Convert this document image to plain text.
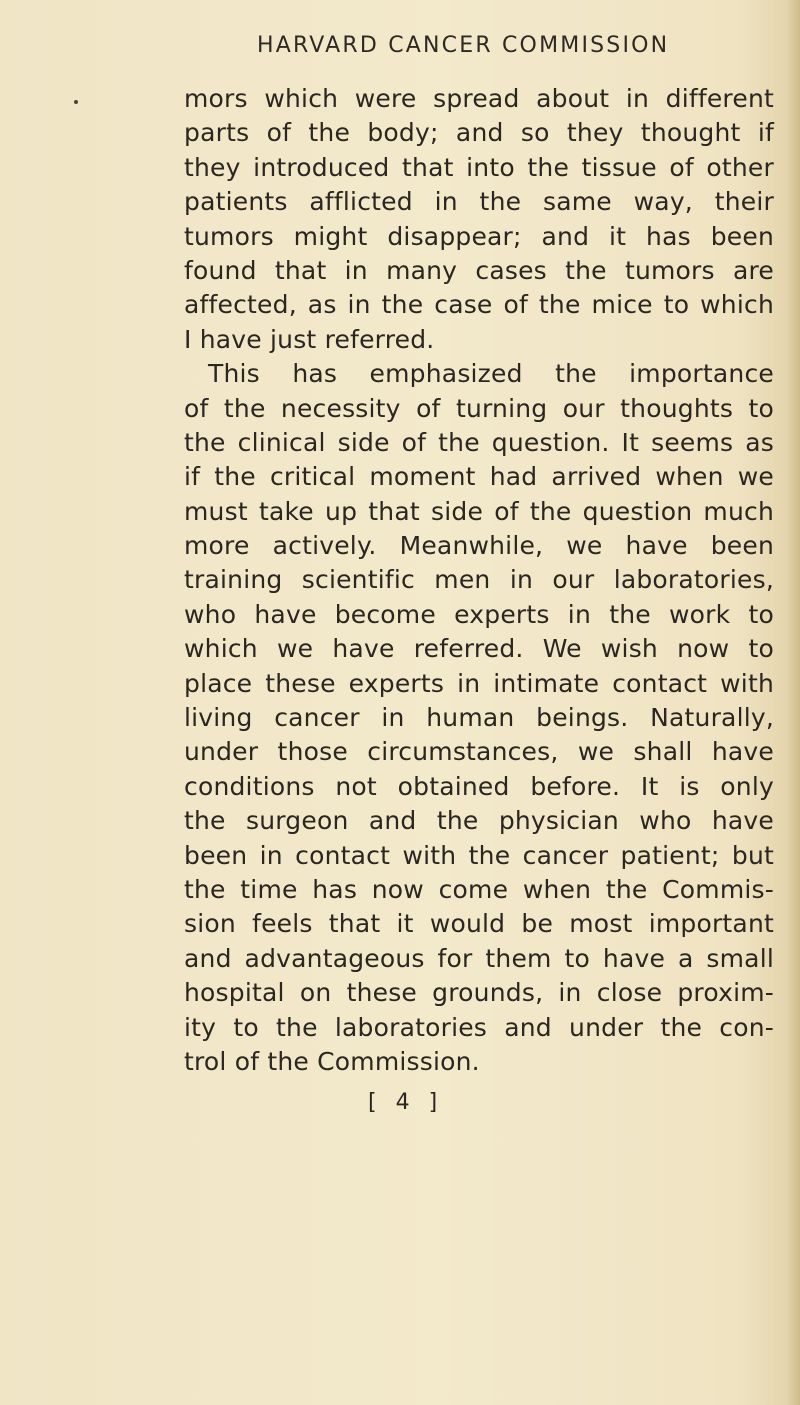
HARVARD CANCER COMMISSION
mors which were spread about in different
parts of the body; and so they thought if
they introduced that into the tissue of other
patients afflicted in the same way, their
tumors might disappear; and it has been
found that in many cases the tumors are
affected, as in the case of the mice to which
I have just referred.
This has emphasized the importance
of the necessity of turning our thoughts to
the clinical side of the question. It seems as
if the critical moment had arrived when we
must take up that side of the question much
more actively. Meanwhile, we have been
training scientific men in our laboratories,
who have become experts in the work to
which we have referred. We wish now to
place these experts in intimate contact with
living cancer in human beings. Naturally,
under those circumstances, we shall have
conditions not obtained before. It is only
the surgeon and the physician who have
been in contact with the cancer patient; but
the time has now come when the Commis-
sion feels that it would be most important
and advantageous for them to have a small
hospital on these grounds, in close proxim-
ity to the laboratories and under the con-
trol of the Commission.
[ 4 ]
